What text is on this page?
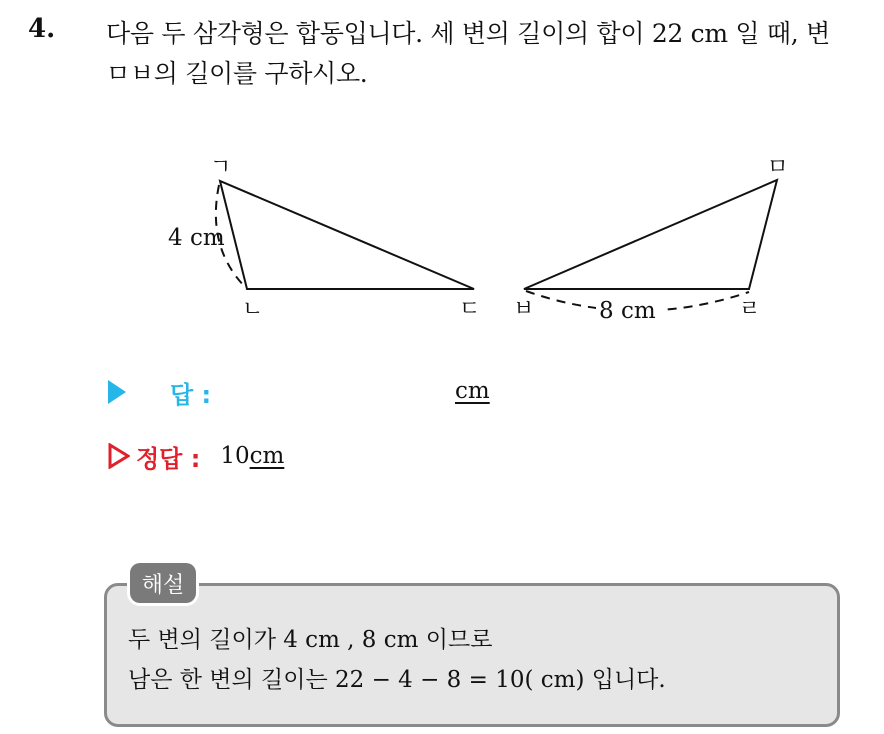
4. 다음 두 삼각형은 합동입니다. 세 변의 길이의 합이 22 cm 일 때, 변
ㅁㅂ의 길이를 구하시오.
ㄱ
ㄴ	ㄷ ㅂ	ㄹ
ㅁ
4 cm
8 cm
답 :	cm
정답 : 10cm
해설
두 변의 길이가 4 cm , 8 cm 이므로
남은 한 변의 길이는 22 − 4 − 8 = 10( cm) 입니다.
